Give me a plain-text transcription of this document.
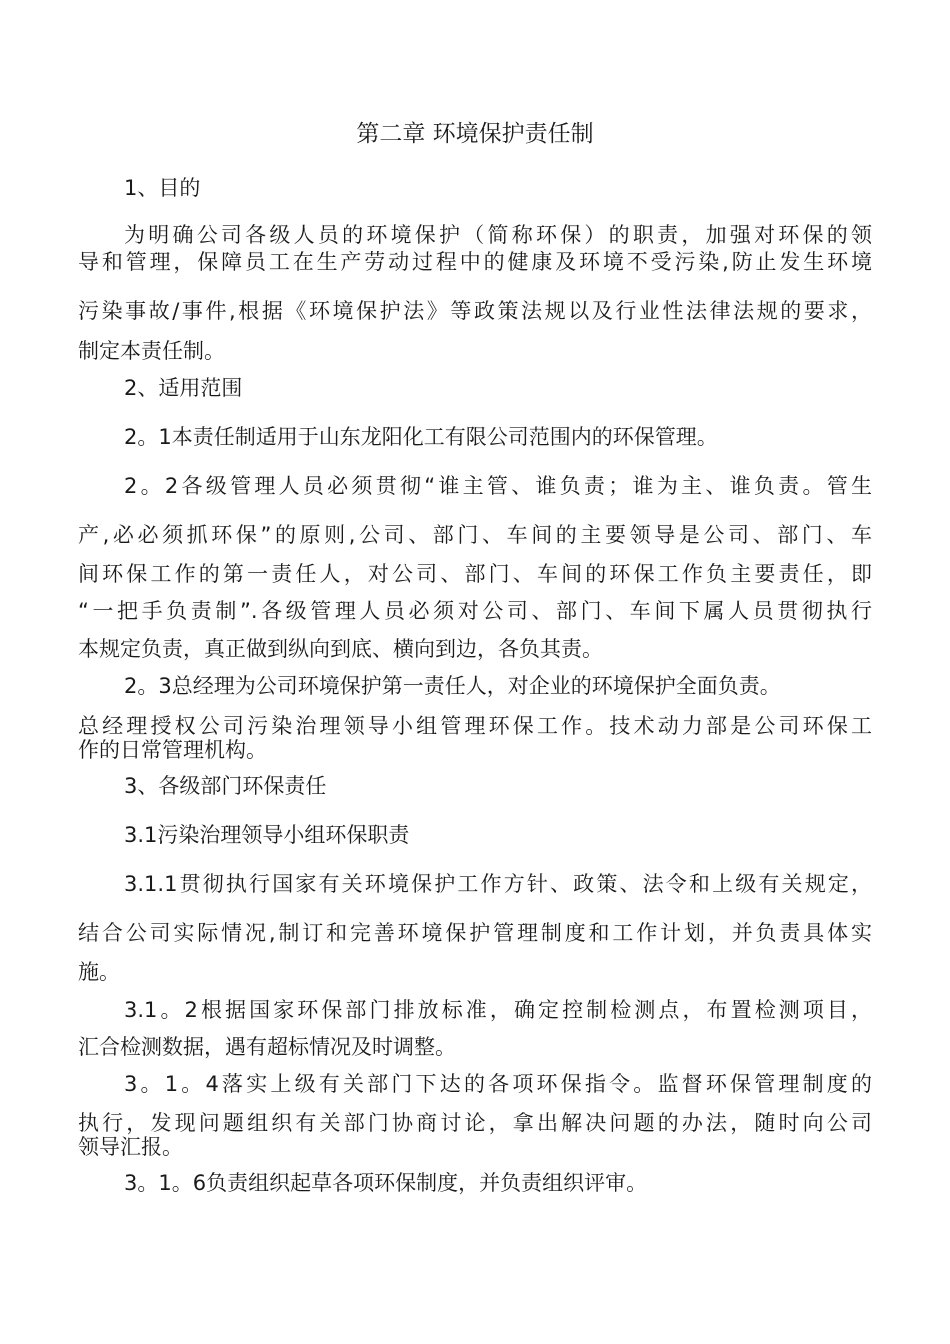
第二章 环境保护责任制
1、目的
为明确公司各级人员的环境保护（简称环保）的职责，加强对环保的领
导和管理，保障员工在生产劳动过程中的健康及环境不受污染,防止发生环境
污染事故/事件,根据《环境保护法》等政策法规以及行业性法律法规的要求，
制定本责任制。
2、适用范围
2。1本责任制适用于山东龙阳化工有限公司范围内的环保管理。
2。2各级管理人员必须贯彻“谁主管、谁负责；谁为主、谁负责。管生
产,必必须抓环保”的原则,公司、部门、车间的主要领导是公司、部门、车
间环保工作的第一责任人，对公司、部门、车间的环保工作负主要责任，即
“一把手负责制”.各级管理人员必须对公司、部门、车间下属人员贯彻执行
本规定负责，真正做到纵向到底、横向到边，各负其责。
2。3总经理为公司环境保护第一责任人，对企业的环境保护全面负责。
总经理授权公司污染治理领导小组管理环保工作。技术动力部是公司环保工
作的日常管理机构。
3、各级部门环保责任
3.1污染治理领导小组环保职责
3.1.1贯彻执行国家有关环境保护工作方针、政策、法令和上级有关规定，
结合公司实际情况,制订和完善环境保护管理制度和工作计划，并负责具体实
施。
3.1。2根据国家环保部门排放标准，确定控制检测点，布置检测项目，
汇合检测数据，遇有超标情况及时调整。
3。1。4落实上级有关部门下达的各项环保指令。监督环保管理制度的
执行，发现问题组织有关部门协商讨论，拿出解决问题的办法，随时向公司
领导汇报。
3。1。6负责组织起草各项环保制度，并负责组织评审。
